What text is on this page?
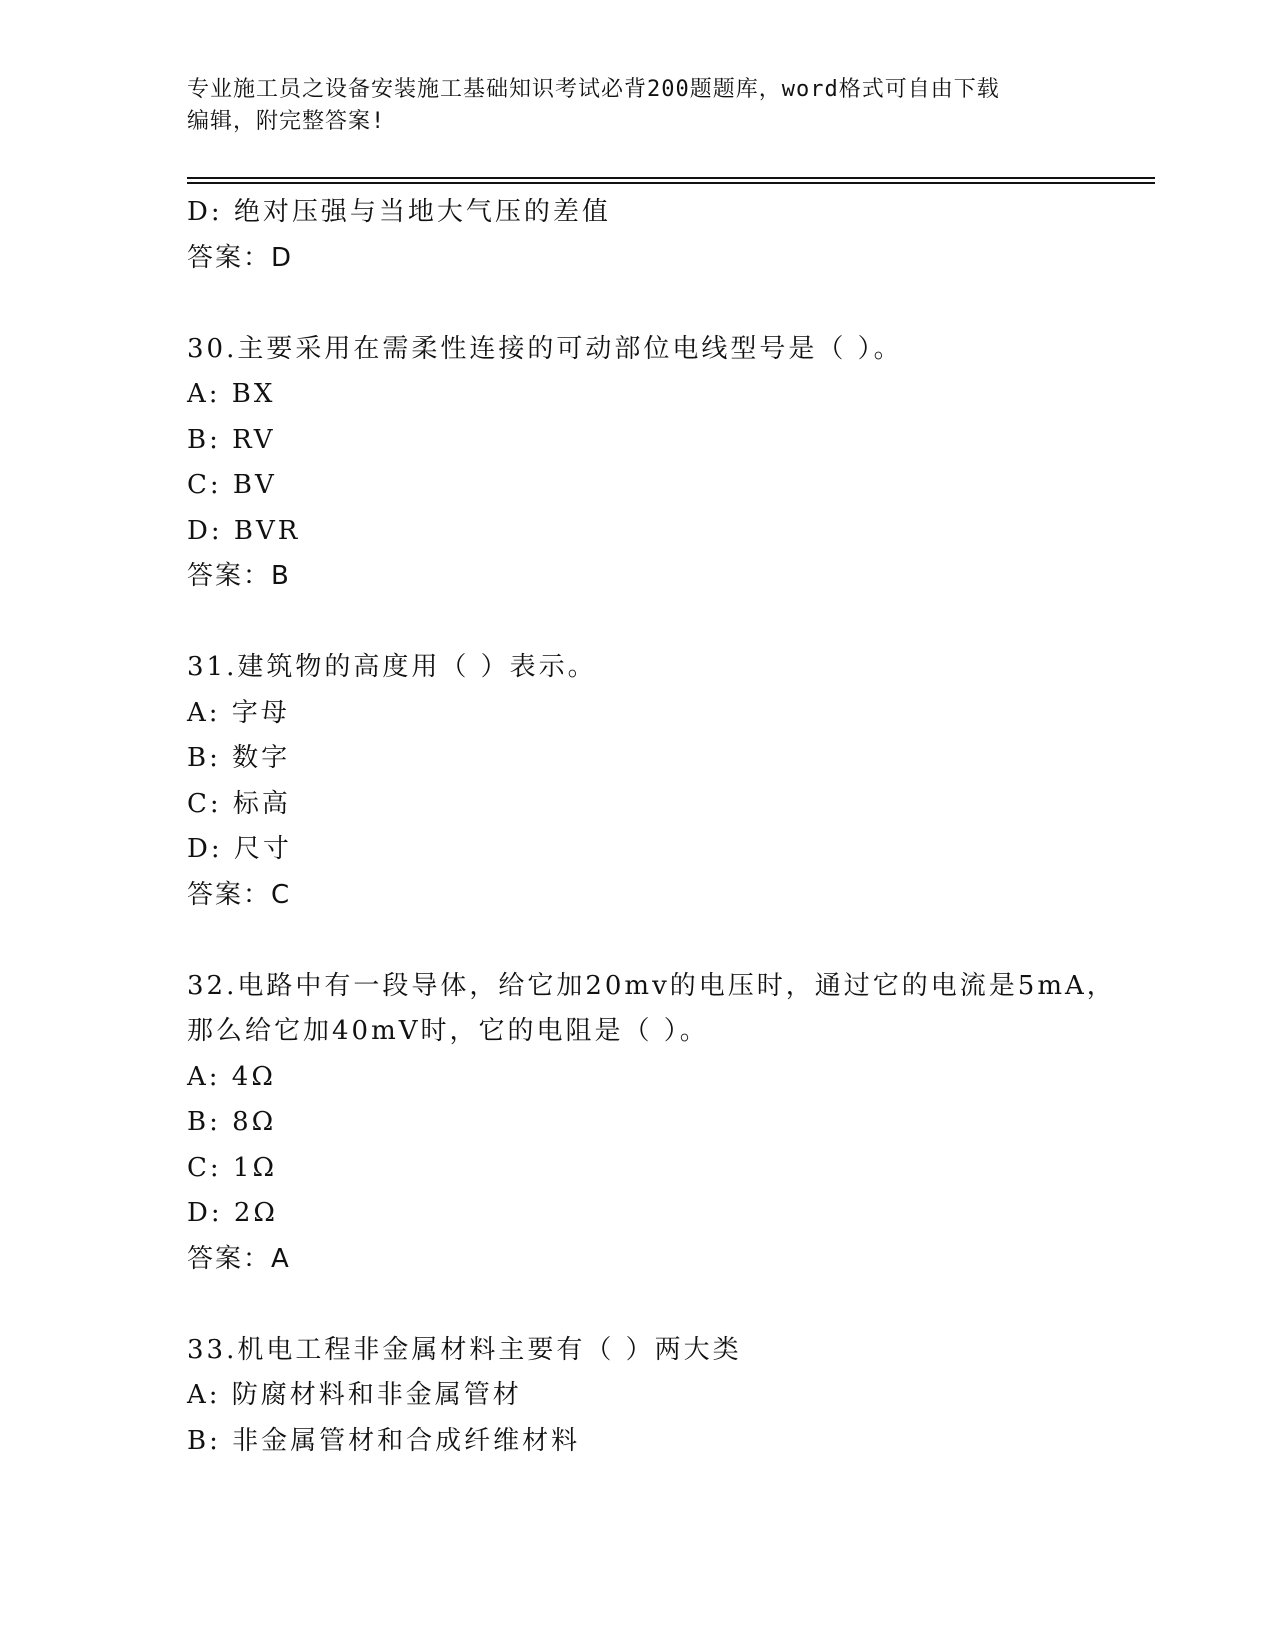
专业施工员之设备安装施工基础知识考试必背200题题库，word格式可自由下载
编辑，附完整答案!
D: 绝对压强与当地大气压的差值
答案：D
30.主要采用在需柔性连接的可动部位电线型号是（ ）。
A: BX
B: RV
C: BV
D: BVR
答案：B
31.建筑物的高度用（ ）表示。
A: 字母
B: 数字
C: 标高
D: 尺寸
答案：C
32.电路中有一段导体，给它加20mv的电压时，通过它的电流是5mA，
那么给它加40mV时，它的电阻是（ ）。
A: 4Ω
B: 8Ω
C: 1Ω
D: 2Ω
答案：A
33.机电工程非金属材料主要有（ ）两大类
A: 防腐材料和非金属管材
B: 非金属管材和合成纤维材料
